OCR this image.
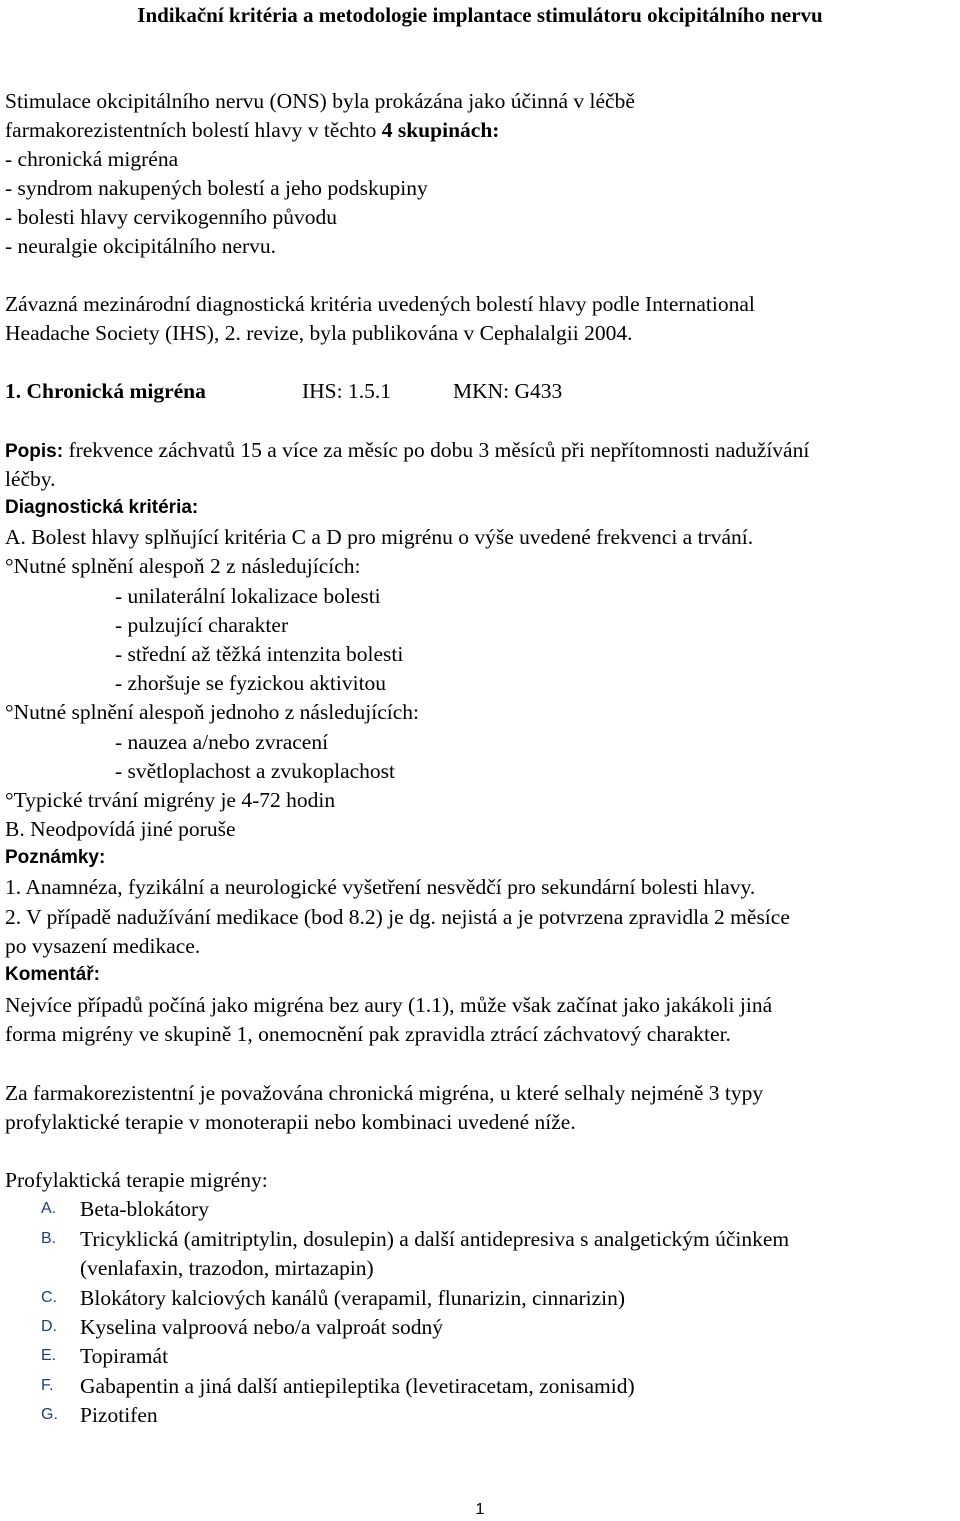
Indikační kritéria a metodologie implantace stimulátoru okcipitálního nervu
Stimulace okcipitálního nervu (ONS) byla prokázána jako účinná v léčbě
farmakorezistentních bolestí hlavy v těchto 4 skupinách:
- chronická migréna
- syndrom nakupených bolestí a jeho podskupiny
- bolesti hlavy cervikogenního původu
- neuralgie okcipitálního nervu.
Závazná mezinárodní diagnostická kritéria uvedených bolestí hlavy podle International
Headache Society (IHS), 2. revize, byla publikována v Cephalalgii 2004.
1. Chronická migréna	IHS: 1.5.1	MKN: G433
Popis: frekvence záchvatů 15 a více za měsíc po dobu 3 měsíců při nepřítomnosti nadužívání
léčby.
Diagnostická kritéria:
A. Bolest hlavy splňující kritéria C a D pro migrénu o výše uvedené frekvenci a trvání.
°Nutné splnění alespoň 2 z následujících:
- unilaterální lokalizace bolesti
- pulzující charakter
- střední až těžká intenzita bolesti
- zhoršuje se fyzickou aktivitou
°Nutné splnění alespoň jednoho z následujících:
- nauzea a/nebo zvracení
- světloplachost a zvukoplachost
°Typické trvání migrény je 4-72 hodin
B. Neodpovídá jiné poruše
Poznámky:
1. Anamnéza, fyzikální a neurologické vyšetření nesvědčí pro sekundární bolesti hlavy.
2. V případě nadužívání medikace (bod 8.2) je dg. nejistá a je potvrzena zpravidla 2 měsíce
po vysazení medikace.
Komentář:
Nejvíce případů počíná jako migréna bez aury (1.1), může však začínat jako jakákoli jiná
forma migrény ve skupině 1, onemocnění pak zpravidla ztrácí záchvatový charakter.
Za farmakorezistentní je považována chronická migréna, u které selhaly nejméně 3 typy
profylaktické terapie v monoterapii nebo kombinaci uvedené níže.
Profylaktická terapie migrény:
A. Beta-blokátory
B. Tricyklická (amitriptylin, dosulepin) a další antidepresiva s analgetickým účinkem
(venlafaxin, trazodon, mirtazapin)
C. Blokátory kalciových kanálů (verapamil, flunarizin, cinnarizin)
D. Kyselina valproová nebo/a valproát sodný
E. Topiramát
F. Gabapentin a jiná další antiepileptika (levetiracetam, zonisamid)
G. Pizotifen
1
